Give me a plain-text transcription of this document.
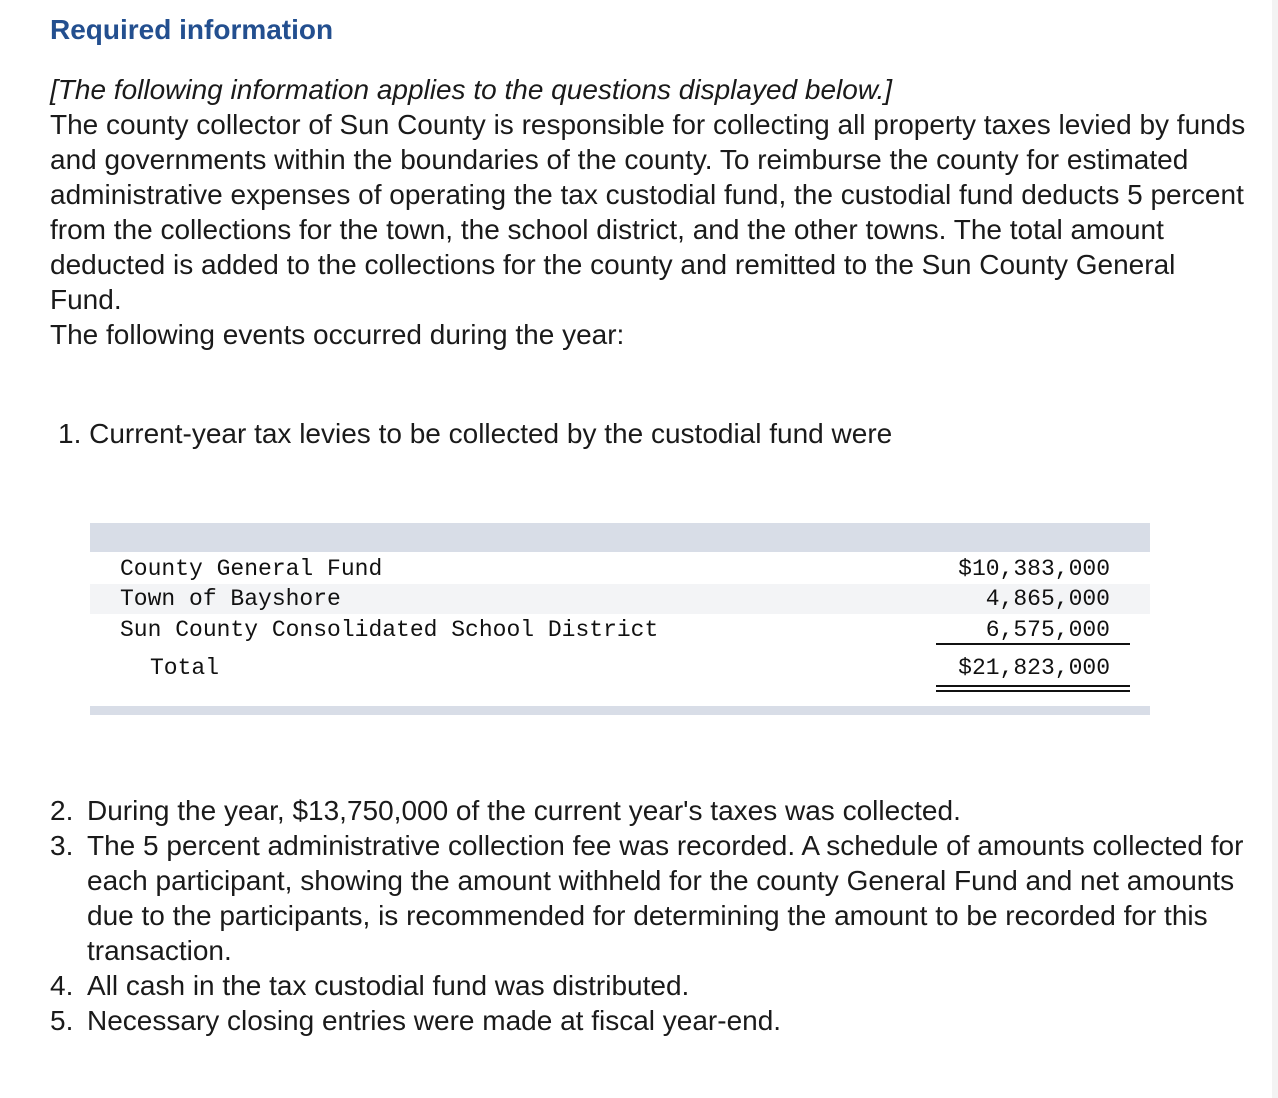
Required information

[The following information applies to the questions displayed below.]

The county collector of Sun County is responsible for collecting all property taxes levied by funds and governments within the boundaries of the county. To reimburse the county for estimated administrative expenses of operating the tax custodial fund, the custodial fund deducts 5 percent from the collections for the town, the school district, and the other towns. The total amount deducted is added to the collections for the county and remitted to the Sun County General Fund.

The following events occurred during the year:

1. Current-year tax levies to be collected by the custodial fund were
County General Fund	$10,383,000
Town of Bayshore	4,865,000
Sun County Consolidated School District	6,575,000
Total	$21,823,000
2. During the year, $13,750,000 of the current year's taxes was collected.
3. The 5 percent administrative collection fee was recorded. A schedule of amounts collected for each participant, showing the amount withheld for the county General Fund and net amounts due to the participants, is recommended for determining the amount to be recorded for this transaction.
4. All cash in the tax custodial fund was distributed.
5. Necessary closing entries were made at fiscal year-end.
